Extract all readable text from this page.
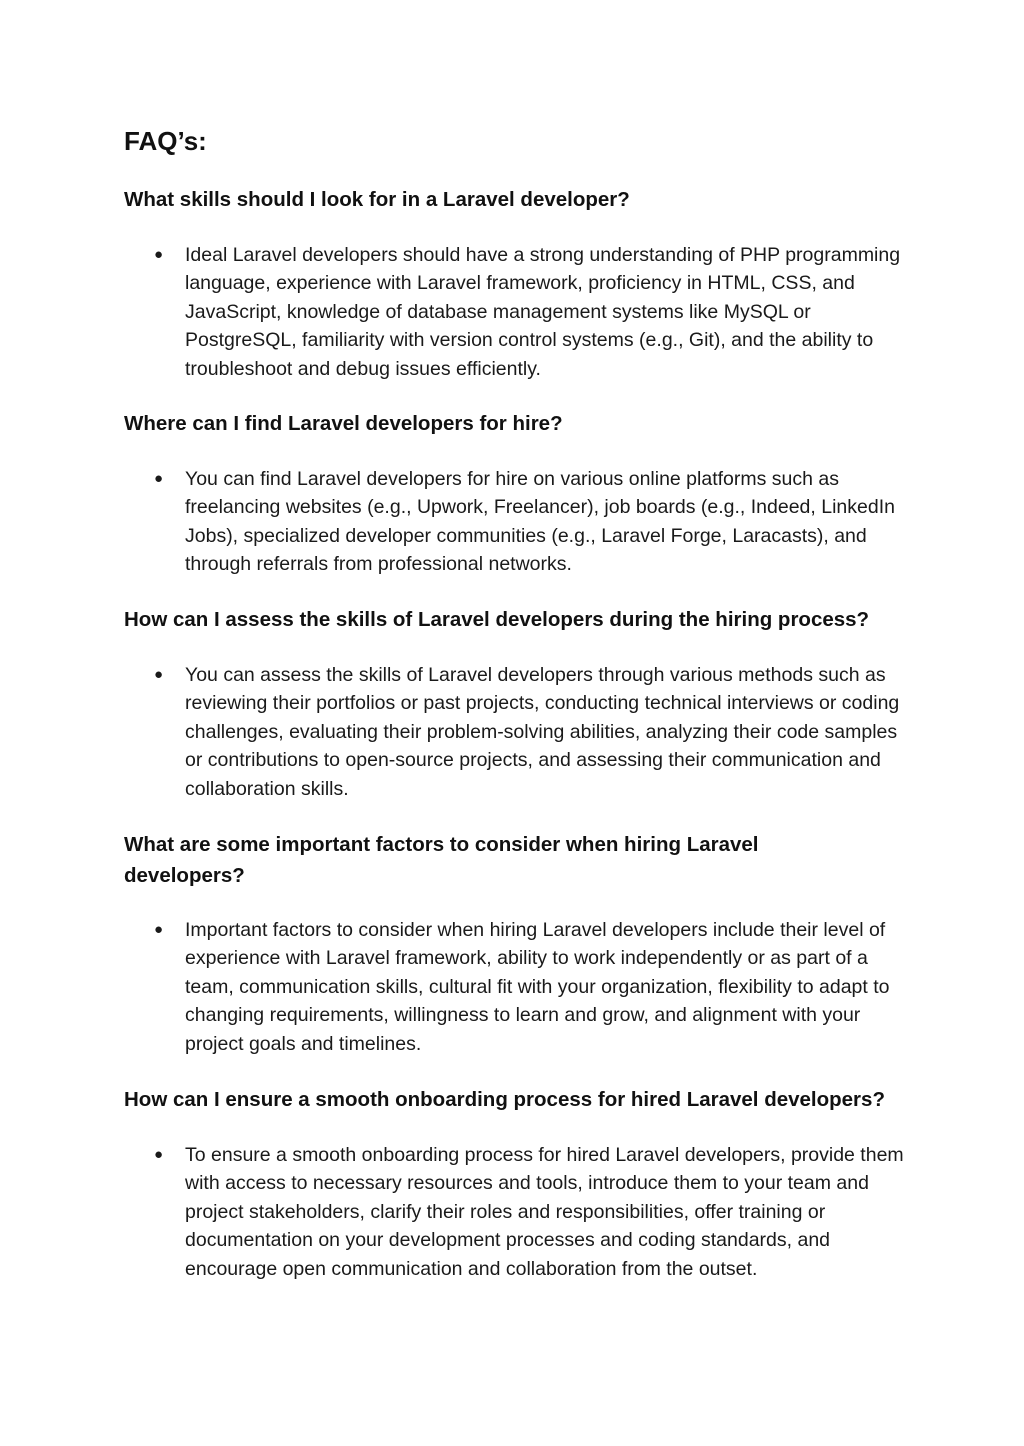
FAQ’s:
What skills should I look for in a Laravel developer?
● Ideal Laravel developers should have a strong understanding of PHP programming language, experience with Laravel framework, proficiency in HTML, CSS, and JavaScript, knowledge of database management systems like MySQL or PostgreSQL, familiarity with version control systems (e.g., Git), and the ability to troubleshoot and debug issues efficiently.
Where can I find Laravel developers for hire?
● You can find Laravel developers for hire on various online platforms such as freelancing websites (e.g., Upwork, Freelancer), job boards (e.g., Indeed, LinkedIn Jobs), specialized developer communities (e.g., Laravel Forge, Laracasts), and through referrals from professional networks.
How can I assess the skills of Laravel developers during the hiring process?
● You can assess the skills of Laravel developers through various methods such as reviewing their portfolios or past projects, conducting technical interviews or coding challenges, evaluating their problem-solving abilities, analyzing their code samples or contributions to open-source projects, and assessing their communication and collaboration skills.
What are some important factors to consider when hiring Laravel developers?
● Important factors to consider when hiring Laravel developers include their level of experience with Laravel framework, ability to work independently or as part of a team, communication skills, cultural fit with your organization, flexibility to adapt to changing requirements, willingness to learn and grow, and alignment with your project goals and timelines.
How can I ensure a smooth onboarding process for hired Laravel developers?
● To ensure a smooth onboarding process for hired Laravel developers, provide them with access to necessary resources and tools, introduce them to your team and project stakeholders, clarify their roles and responsibilities, offer training or documentation on your development processes and coding standards, and encourage open communication and collaboration from the outset.
